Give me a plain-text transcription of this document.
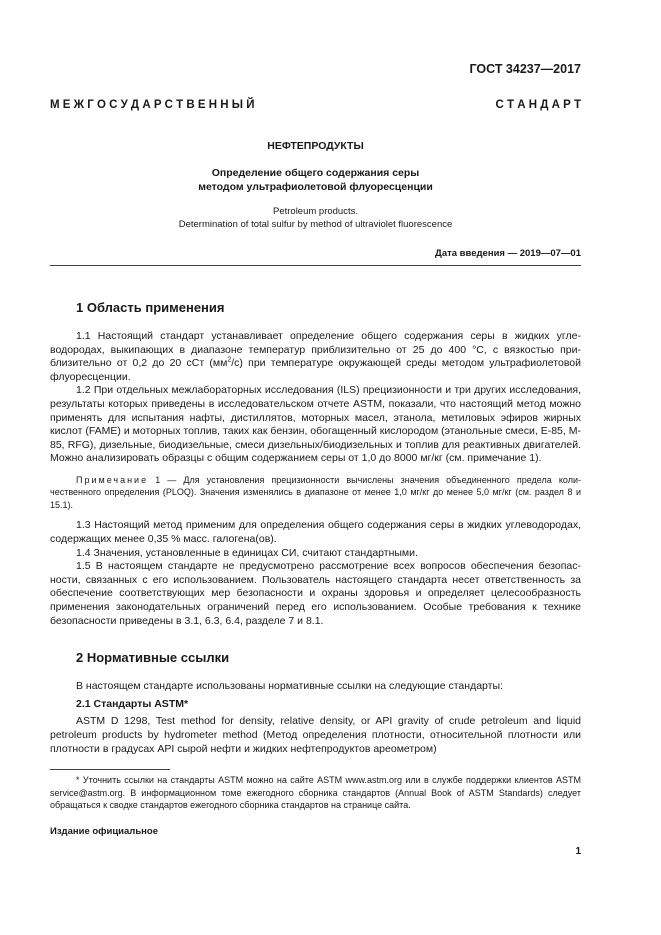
ГОСТ 34237—2017
М Е Ж Г О С У Д А Р С Т В Е Н Н Ы Й	С Т А Н Д А Р Т
НЕФТЕПРОДУКТЫ
Определение общего содержания серы
методом ультрафиолетовой флуоресценции
Petroleum products.
Determination of total sulfur by method of ultraviolet fluorescence
Дата введения — 2019—07—01
1 Область применения

1.1 Настоящий стандарт устанавливает определение общего содержания серы в жидких углеводородах, выкипающих в диапазоне температур приблизительно от 25 до 400 °C, с вязкостью приблизительно от 0,2 до 20 сСт $(мм^2/с)$ при температуре окружающей среды методом ультрафиолетовой флуоресценции.

1.2 При отдельных межлабораторных исследования (ILS) прецизионности и три других исследования, результаты которых приведены в исследовательском отчете ASTM, показали, что настоящий метод можно применять для испытания нафты, дистиллятов, моторных масел, этанола, метиловых эфиров жирных кислот (FAME) и моторных топлив, таких как бензин, обогащенный кислородом (этанольные смеси, E-85, M-85, RFG), дизельные, биодизельные, смеси дизельных/биодизельных и топлив для реактивных двигателей. Можно анализировать образцы с общим содержанием серы от 1,0 до 8000 мг/кг (см. примечание 1).

Примечание 1 — Для установления прецизионности вычислены значения объединенного предела количественного определения (PLOQ). Значения изменялись в диапазоне от менее 1,0 мг/кг до менее 5,0 мг/кг (см. раздел 8 и 15.1).

1.3 Настоящий метод применим для определения общего содержания серы в жидких углеводородах, содержащих менее 0,35 % масс. галогена(ов).

1.4 Значения, установленные в единицах СИ, считают стандартными.

1.5 В настоящем стандарте не предусмотрено рассмотрение всех вопросов обеспечения безопасности, связанных с его использованием. Пользователь настоящего стандарта несет ответственность за обеспечение соответствующих мер безопасности и охраны здоровья и определяет целесообразность применения законодательных ограничений перед его использованием. Особые требования к технике безопасности приведены в 3.1, 6.3, 6.4, разделе 7 и 8.1.

2 Нормативные ссылки

В настоящем стандарте использованы нормативные ссылки на следующие стандарты:

2.1 Стандарты ASTM*

ASTM D 1298, Test method for density, relative density, or API gravity of crude petroleum and liquid petroleum products by hydrometer method (Метод определения плотности, относительной плотности или плотности в градусах API сырой нефти и жидких нефтепродуктов ареометром)

* Уточнить ссылки на стандарты ASTM можно на сайте ASTM www.astm.org или в службе поддержки клиентов ASTM service@astm.org. В информационном томе ежегодного сборника стандартов (Annual Book of ASTM Standards) следует обращаться к сводке стандартов ежегодного сборника стандартов на странице сайта.

Издание официальное
1
